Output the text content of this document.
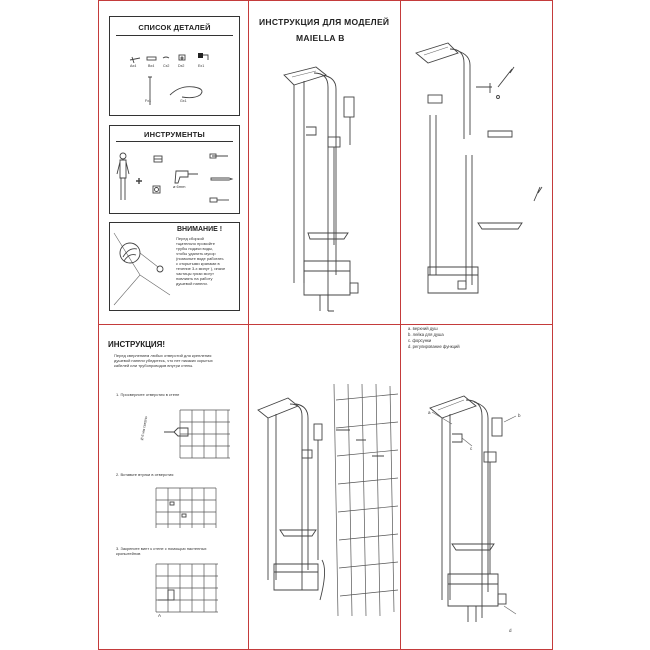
СПИСОК ДЕТАЛЕЙ
Ax4	Bx4 Cx2 Dx2	Ex1
Fx1	Gx1
ИНСТРУМЕНТЫ
ø 6mm
ВНИМАНИЕ !
Перед сборкой
тщательно промойте
трубы подачи воды,
чтобы удалить мусор
(позвольте воде работать
с открытыми кранами в
течение 3-х минут ), иначе
частицы грязи могут
повлиять на работу
душевой панели.
ИНСТРУКЦИЯ ДЛЯ МОДЕЛЕЙ
MAIELLA B
ИНСТРУКЦИЯ!
Перед сверлением любых отверстий для крепления
душевой панели убедитесь, что нет никаких скрытых
кабелей или трубопроводов внутри стены.
1. Просверлите отверстия в стене
Ø 6 мм сверло
2. Вставьте втулки в отверстия
3. Закрепите винт к стене с помощью настенных
кронштейнов
A
a. верхний душ
b. лейка для душа
c. форсунки
d. регулирование функций
a
b
c
d
